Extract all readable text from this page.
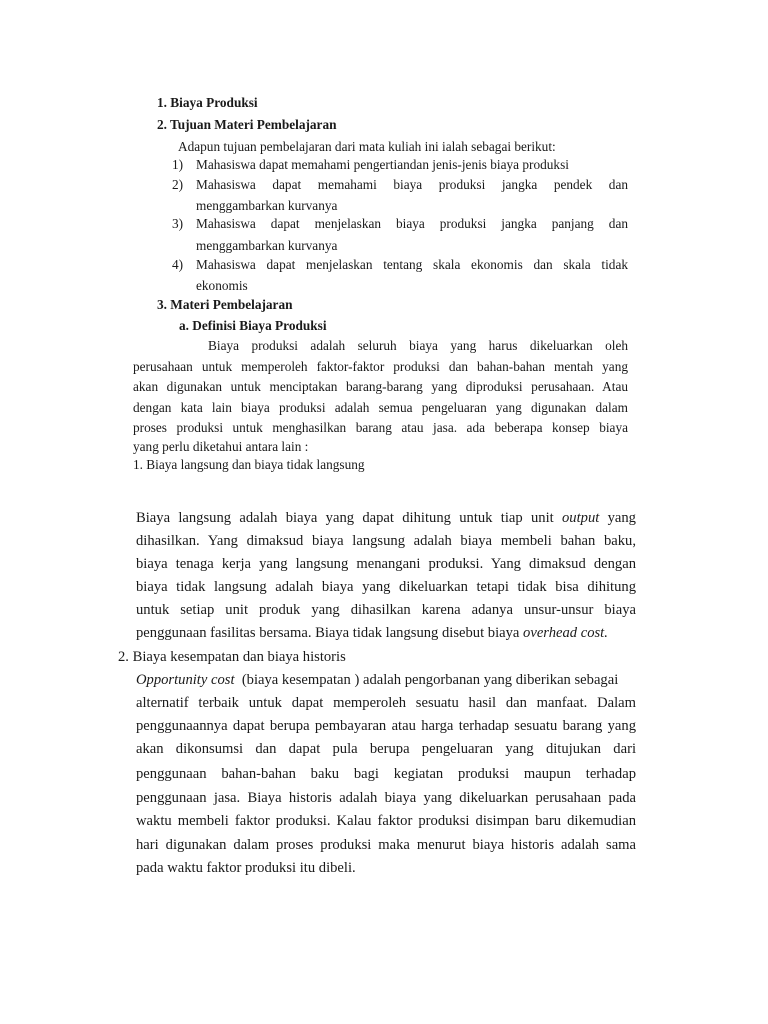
1. Biaya Produksi

2. Tujuan Materi Pembelajaran

Adapun tujuan pembelajaran dari mata kuliah ini ialah sebagai berikut:

1) Mahasiswa dapat memahami pengertiandan jenis-jenis biaya produksi

2) Mahasiswa dapat memahami biaya produksi jangka pendek dan

menggambarkan kurvanya

3) Mahasiswa dapat menjelaskan biaya produksi jangka panjang dan

menggambarkan kurvanya

4) Mahasiswa dapat menjelaskan tentang skala ekonomis dan skala tidak

ekonomis

3. Materi Pembelajaran

a. Definisi Biaya Produksi

Biaya produksi adalah seluruh biaya yang harus dikeluarkan oleh

perusahaan untuk memperoleh faktor-faktor produksi dan bahan-bahan mentah yang

akan digunakan untuk menciptakan barang-barang yang diproduksi perusahaan. Atau

dengan kata lain biaya produksi adalah semua pengeluaran yang digunakan dalam

proses produksi untuk menghasilkan barang atau jasa. ada beberapa konsep biaya

yang perlu diketahui antara lain :

1. Biaya langsung dan biaya tidak langsung

Biaya langsung adalah biaya yang dapat dihitung untuk tiap unit output yang

dihasilkan. Yang dimaksud biaya langsung adalah biaya membeli bahan baku,

biaya tenaga kerja yang langsung menangani produksi. Yang dimaksud dengan

biaya tidak langsung adalah biaya yang dikeluarkan tetapi tidak bisa dihitung

untuk setiap unit produk yang dihasilkan karena adanya unsur-unsur biaya

penggunaan fasilitas bersama. Biaya tidak langsung disebut biaya overhead cost.

2. Biaya kesempatan dan biaya historis

Opportunity cost (biaya kesempatan ) adalah pengorbanan yang diberikan sebagai

alternatif terbaik untuk dapat memperoleh sesuatu hasil dan manfaat. Dalam

penggunaannya dapat berupa pembayaran atau harga terhadap sesuatu barang yang

akan dikonsumsi dan dapat pula berupa pengeluaran yang ditujukan dari

penggunaan bahan-bahan baku bagi kegiatan produksi maupun terhadap

penggunaan jasa. Biaya historis adalah biaya yang dikeluarkan perusahaan pada

waktu membeli faktor produksi. Kalau faktor produksi disimpan baru dikemudian

hari digunakan dalam proses produksi maka menurut biaya historis adalah sama

pada waktu faktor produksi itu dibeli.
